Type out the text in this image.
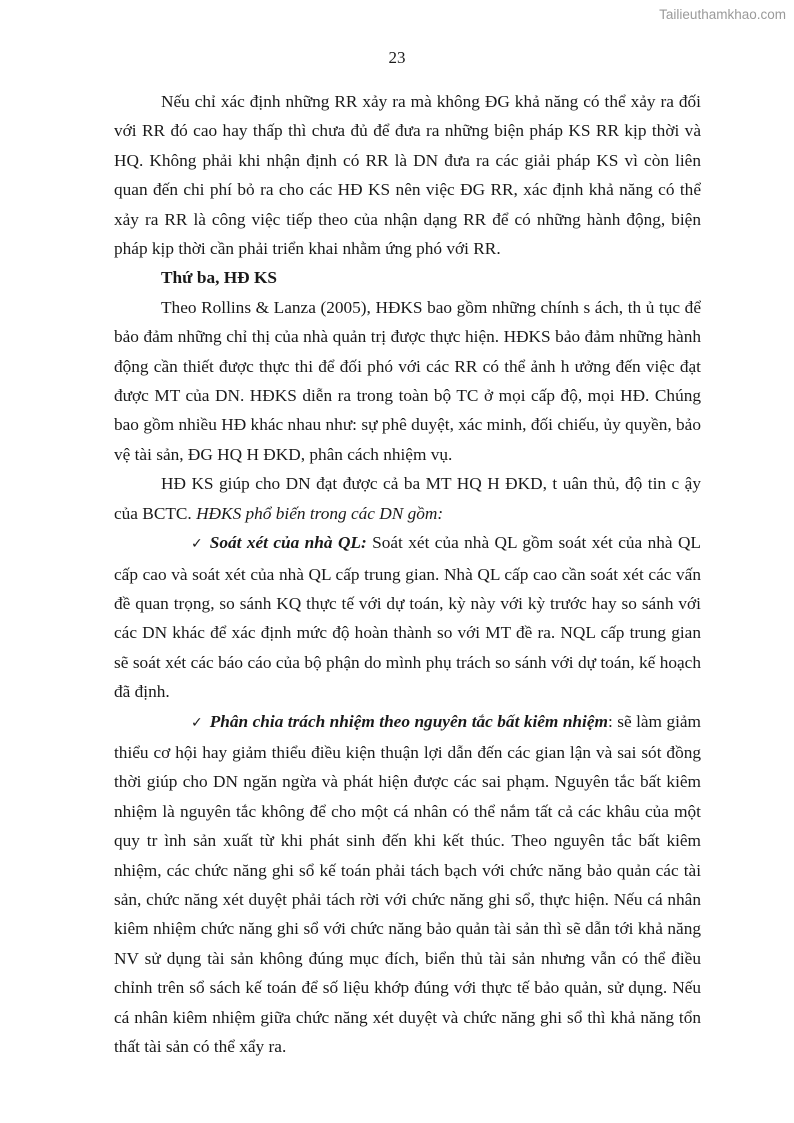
Tailieuthamkhao.com
23

Nếu chỉ xác định những RR xảy ra mà không ĐG khả năng có thể xảy ra đối với RR đó cao hay thấp thì chưa đủ để đưa ra những biện pháp KS RR kịp thời và HQ. Không phải khi nhận định có RR là DN đưa ra các giải pháp KS vì còn liên quan đến chi phí bỏ ra cho các HĐ KS nên việc ĐG RR, xác định khả năng có thể xảy ra RR là công việc tiếp theo của nhận dạng RR để có những hành động, biện pháp kịp thời cần phải triển khai nhằm ứng phó với RR.

Thứ ba, HĐ KS

Theo Rollins & Lanza (2005), HĐKS bao gồm những chính s ách, th ủ tục để bảo đảm những chỉ thị của nhà quản trị được thực hiện. HĐKS bảo đảm những hành động cần thiết được thực thi để đối phó với các RR có thể ảnh h ưởng đến việc đạt được MT của DN. HĐKS diễn ra trong toàn bộ TC ở mọi cấp độ, mọi HĐ. Chúng bao gồm nhiều HĐ khác nhau như: sự phê duyệt, xác minh, đối chiếu, ủy quyền, bảo vệ tài sản, ĐG HQ H ĐKD, phân cách nhiệm vụ.

HĐ KS giúp cho DN đạt được cả ba MT HQ H ĐKD, t uân thủ, độ tin c ậy của BCTC. HĐKS phổ biến trong các DN gồm:

✓ Soát xét của nhà QL: Soát xét của nhà QL gồm soát xét của nhà QL cấp cao và soát xét của nhà QL cấp trung gian. Nhà QL cấp cao cần soát xét các vấn đề quan trọng, so sánh KQ thực tế với dự toán, kỳ này với kỳ trước hay so sánh với các DN khác để xác định mức độ hoàn thành so với MT đề ra. NQL cấp trung gian sẽ soát xét các báo cáo của bộ phận do mình phụ trách so sánh với dự toán, kế hoạch đã định.

✓ Phân chia trách nhiệm theo nguyên tắc bất kiêm nhiệm: sẽ làm giảm thiểu cơ hội hay giảm thiểu điều kiện thuận lợi dẫn đến các gian lận và sai sót đồng thời giúp cho DN ngăn ngừa và phát hiện được các sai phạm. Nguyên tắc bất kiêm nhiệm là nguyên tắc không để cho một cá nhân có thể nắm tất cả các khâu của một quy tr ình sản xuất từ khi phát sinh đến khi kết thúc. Theo nguyên tắc bất kiêm nhiệm, các chức năng ghi sổ kế toán phải tách bạch với chức năng bảo quản các tài sản, chức năng xét duyệt phải tách rời với chức năng ghi sổ, thực hiện. Nếu cá nhân kiêm nhiệm chức năng ghi sổ với chức năng bảo quản tài sản thì sẽ dẫn tới khả năng NV sử dụng tài sản không đúng mục đích, biển thủ tài sản nhưng vẫn có thể điều chỉnh trên sổ sách kế toán để số liệu khớp đúng với thực tế bảo quản, sử dụng. Nếu cá nhân kiêm nhiệm giữa chức năng xét duyệt và chức năng ghi sổ thì khả năng tổn thất tài sản có thể xẩy ra.
